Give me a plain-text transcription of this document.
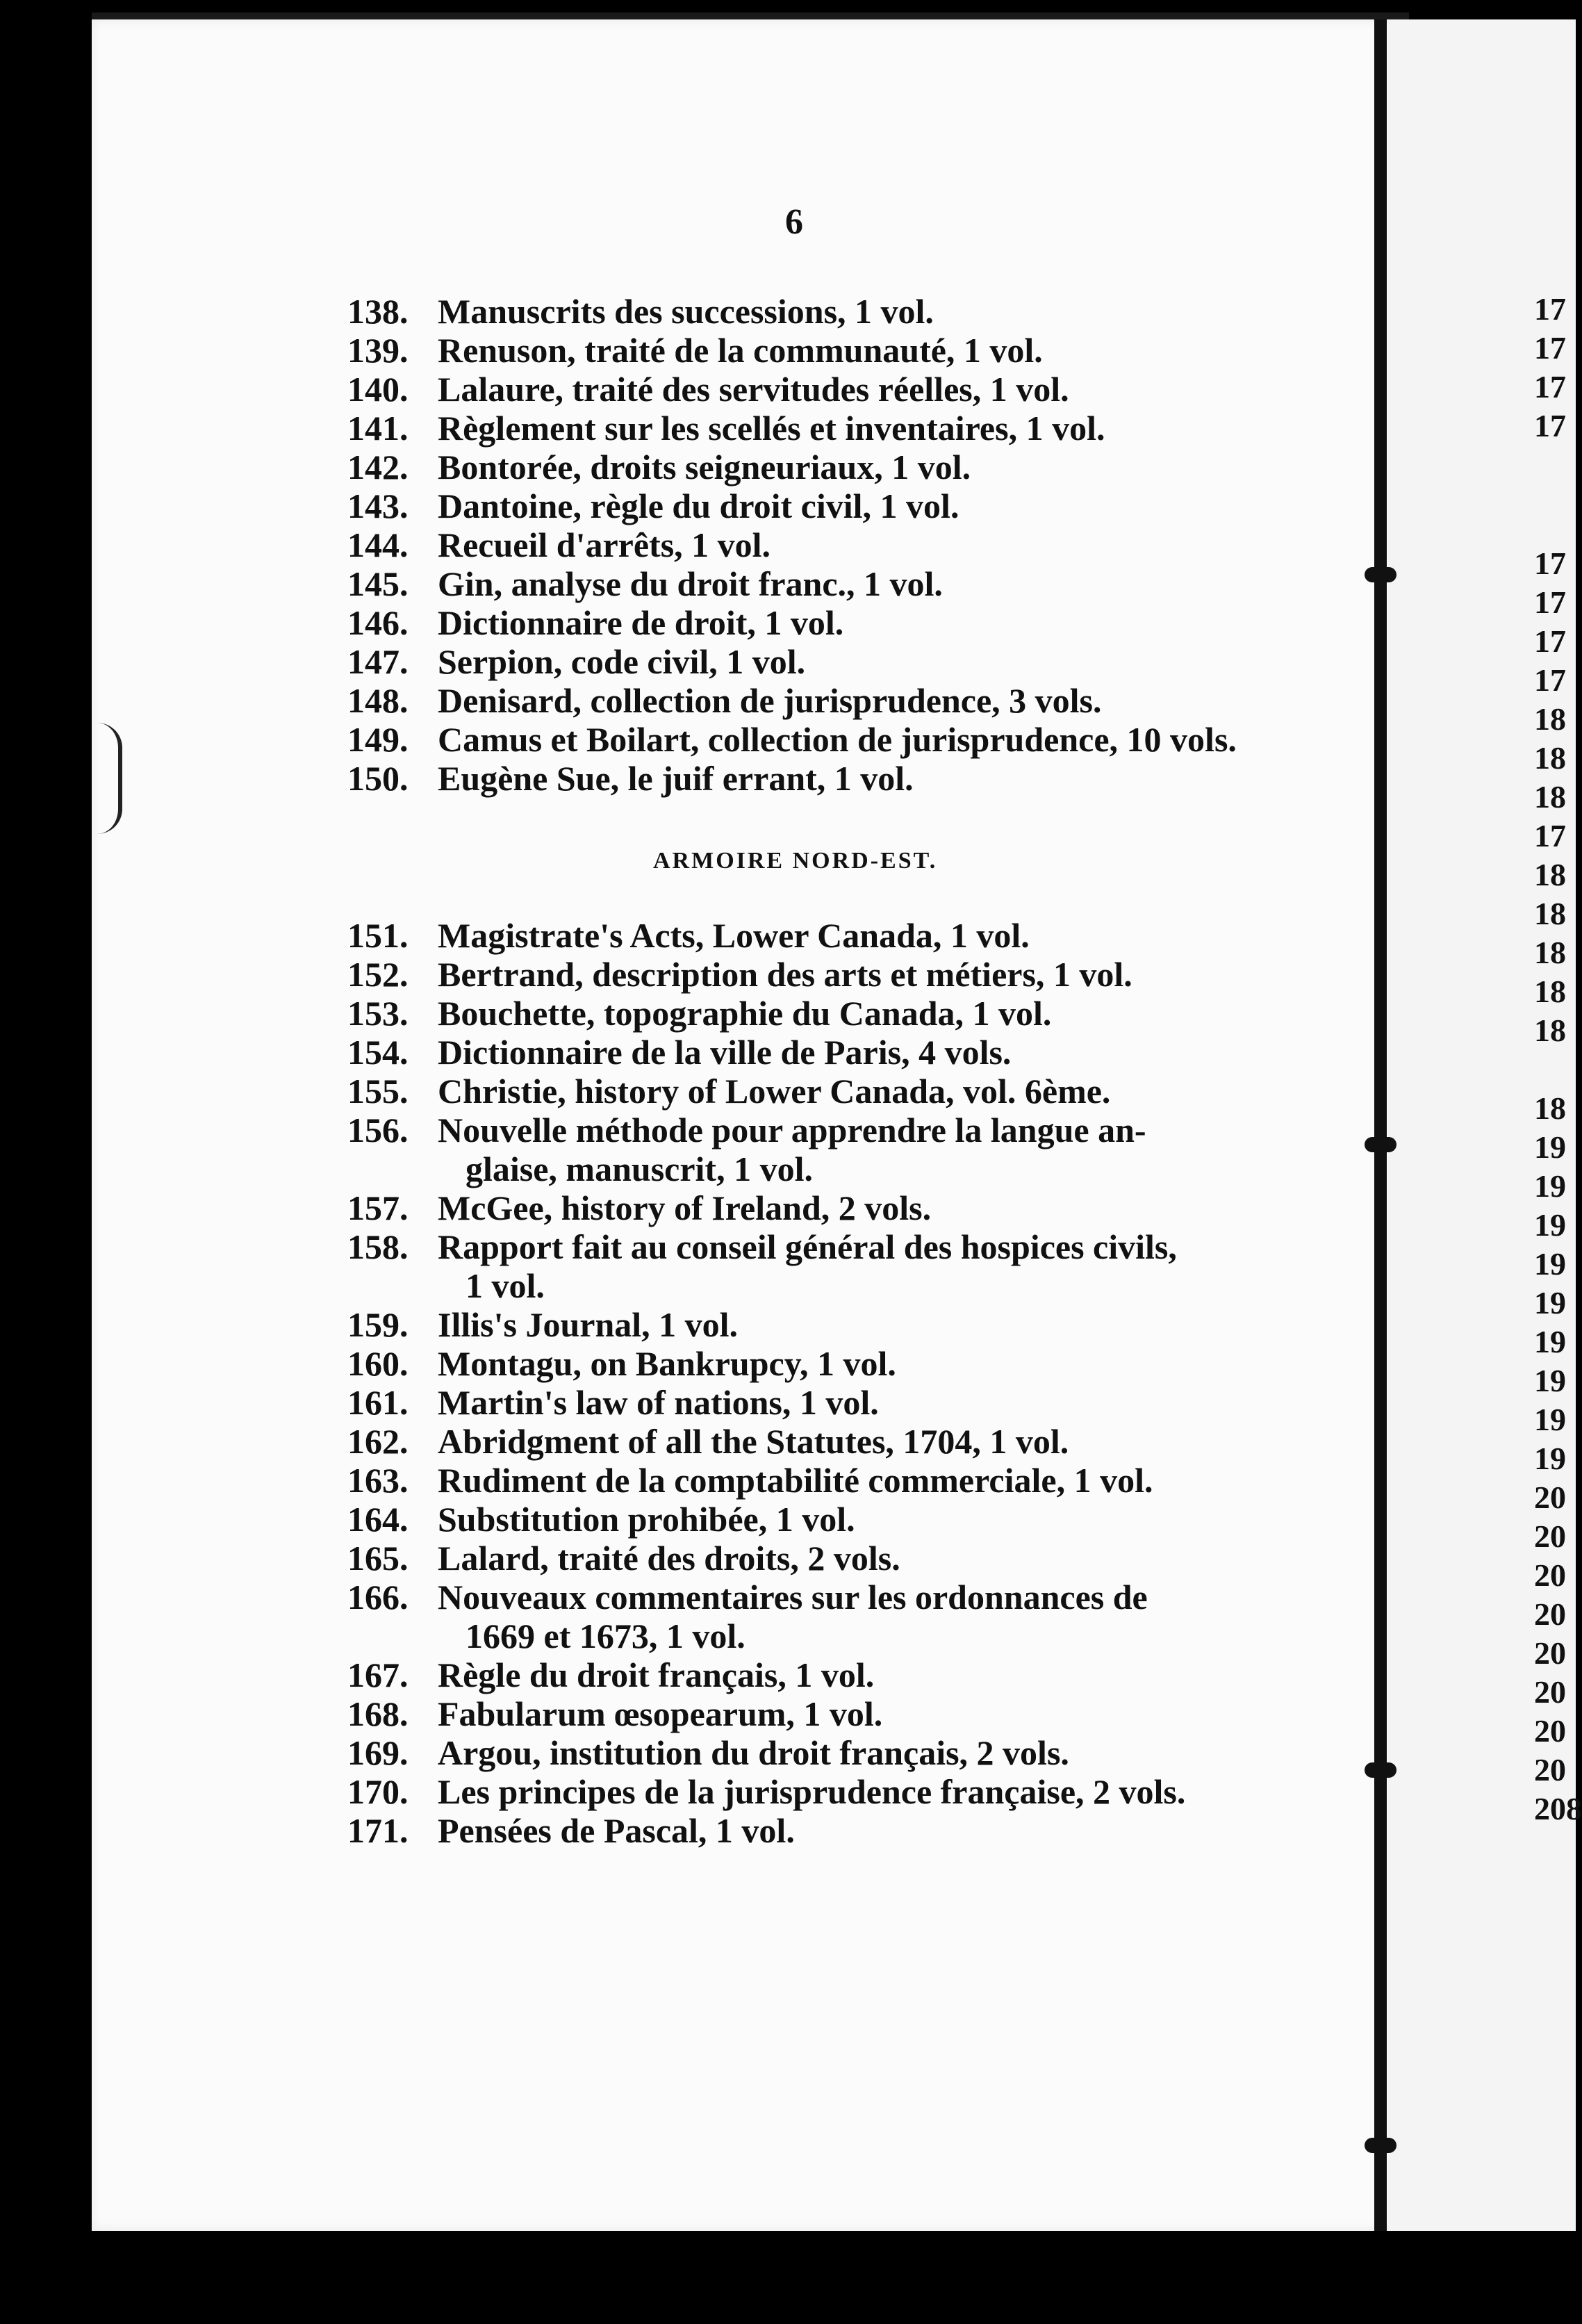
17
17
17
17
17
17
17
17
18
18
18
17
18
18
18
18
18
18
19
19
19
19
19
19
19
19
19
20
20
20
20
20
20
20
20
208
6
ARMOIRE NORD-EST.
138. Manuscrits des successions, 1 vol.
139. Renuson, traité de la communauté, 1 vol.
140. Lalaure, traité des servitudes réelles, 1 vol.
141. Règlement sur les scellés et inventaires, 1 vol.
142. Bontorée, droits seigneuriaux, 1 vol.
143. Dantoine, règle du droit civil, 1 vol.
144. Recueil d'arrêts, 1 vol.
145. Gin, analyse du droit franc., 1 vol.
146. Dictionnaire de droit, 1 vol.
147. Serpion, code civil, 1 vol.
148. Denisard, collection de jurisprudence, 3 vols.
149. Camus et Boilart, collection de jurisprudence, 10 vols.
150. Eugène Sue, le juif errant, 1 vol.
151. Magistrate's Acts, Lower Canada, 1 vol.
152. Bertrand, description des arts et métiers, 1 vol.
153. Bouchette, topographie du Canada, 1 vol.
154. Dictionnaire de la ville de Paris, 4 vols.
155. Christie, history of Lower Canada, vol. 6ème.
156. Nouvelle méthode pour apprendre la langue an-
glaise, manuscrit, 1 vol.
157. McGee, history of Ireland, 2 vols.
158. Rapport fait au conseil général des hospices civils,
1 vol.
159. Illis's Journal, 1 vol.
160. Montagu, on Bankrupcy, 1 vol.
161. Martin's law of nations, 1 vol.
162. Abridgment of all the Statutes, 1704, 1 vol.
163. Rudiment de la comptabilité commerciale, 1 vol.
164. Substitution prohibée, 1 vol.
165. Lalard, traité des droits, 2 vols.
166. Nouveaux commentaires sur les ordonnances de
1669 et 1673, 1 vol.
167. Règle du droit français, 1 vol.
168. Fabularum œsopearum, 1 vol.
169. Argou, institution du droit français, 2 vols.
170. Les principes de la jurisprudence française, 2 vols.
171. Pensées de Pascal, 1 vol.
